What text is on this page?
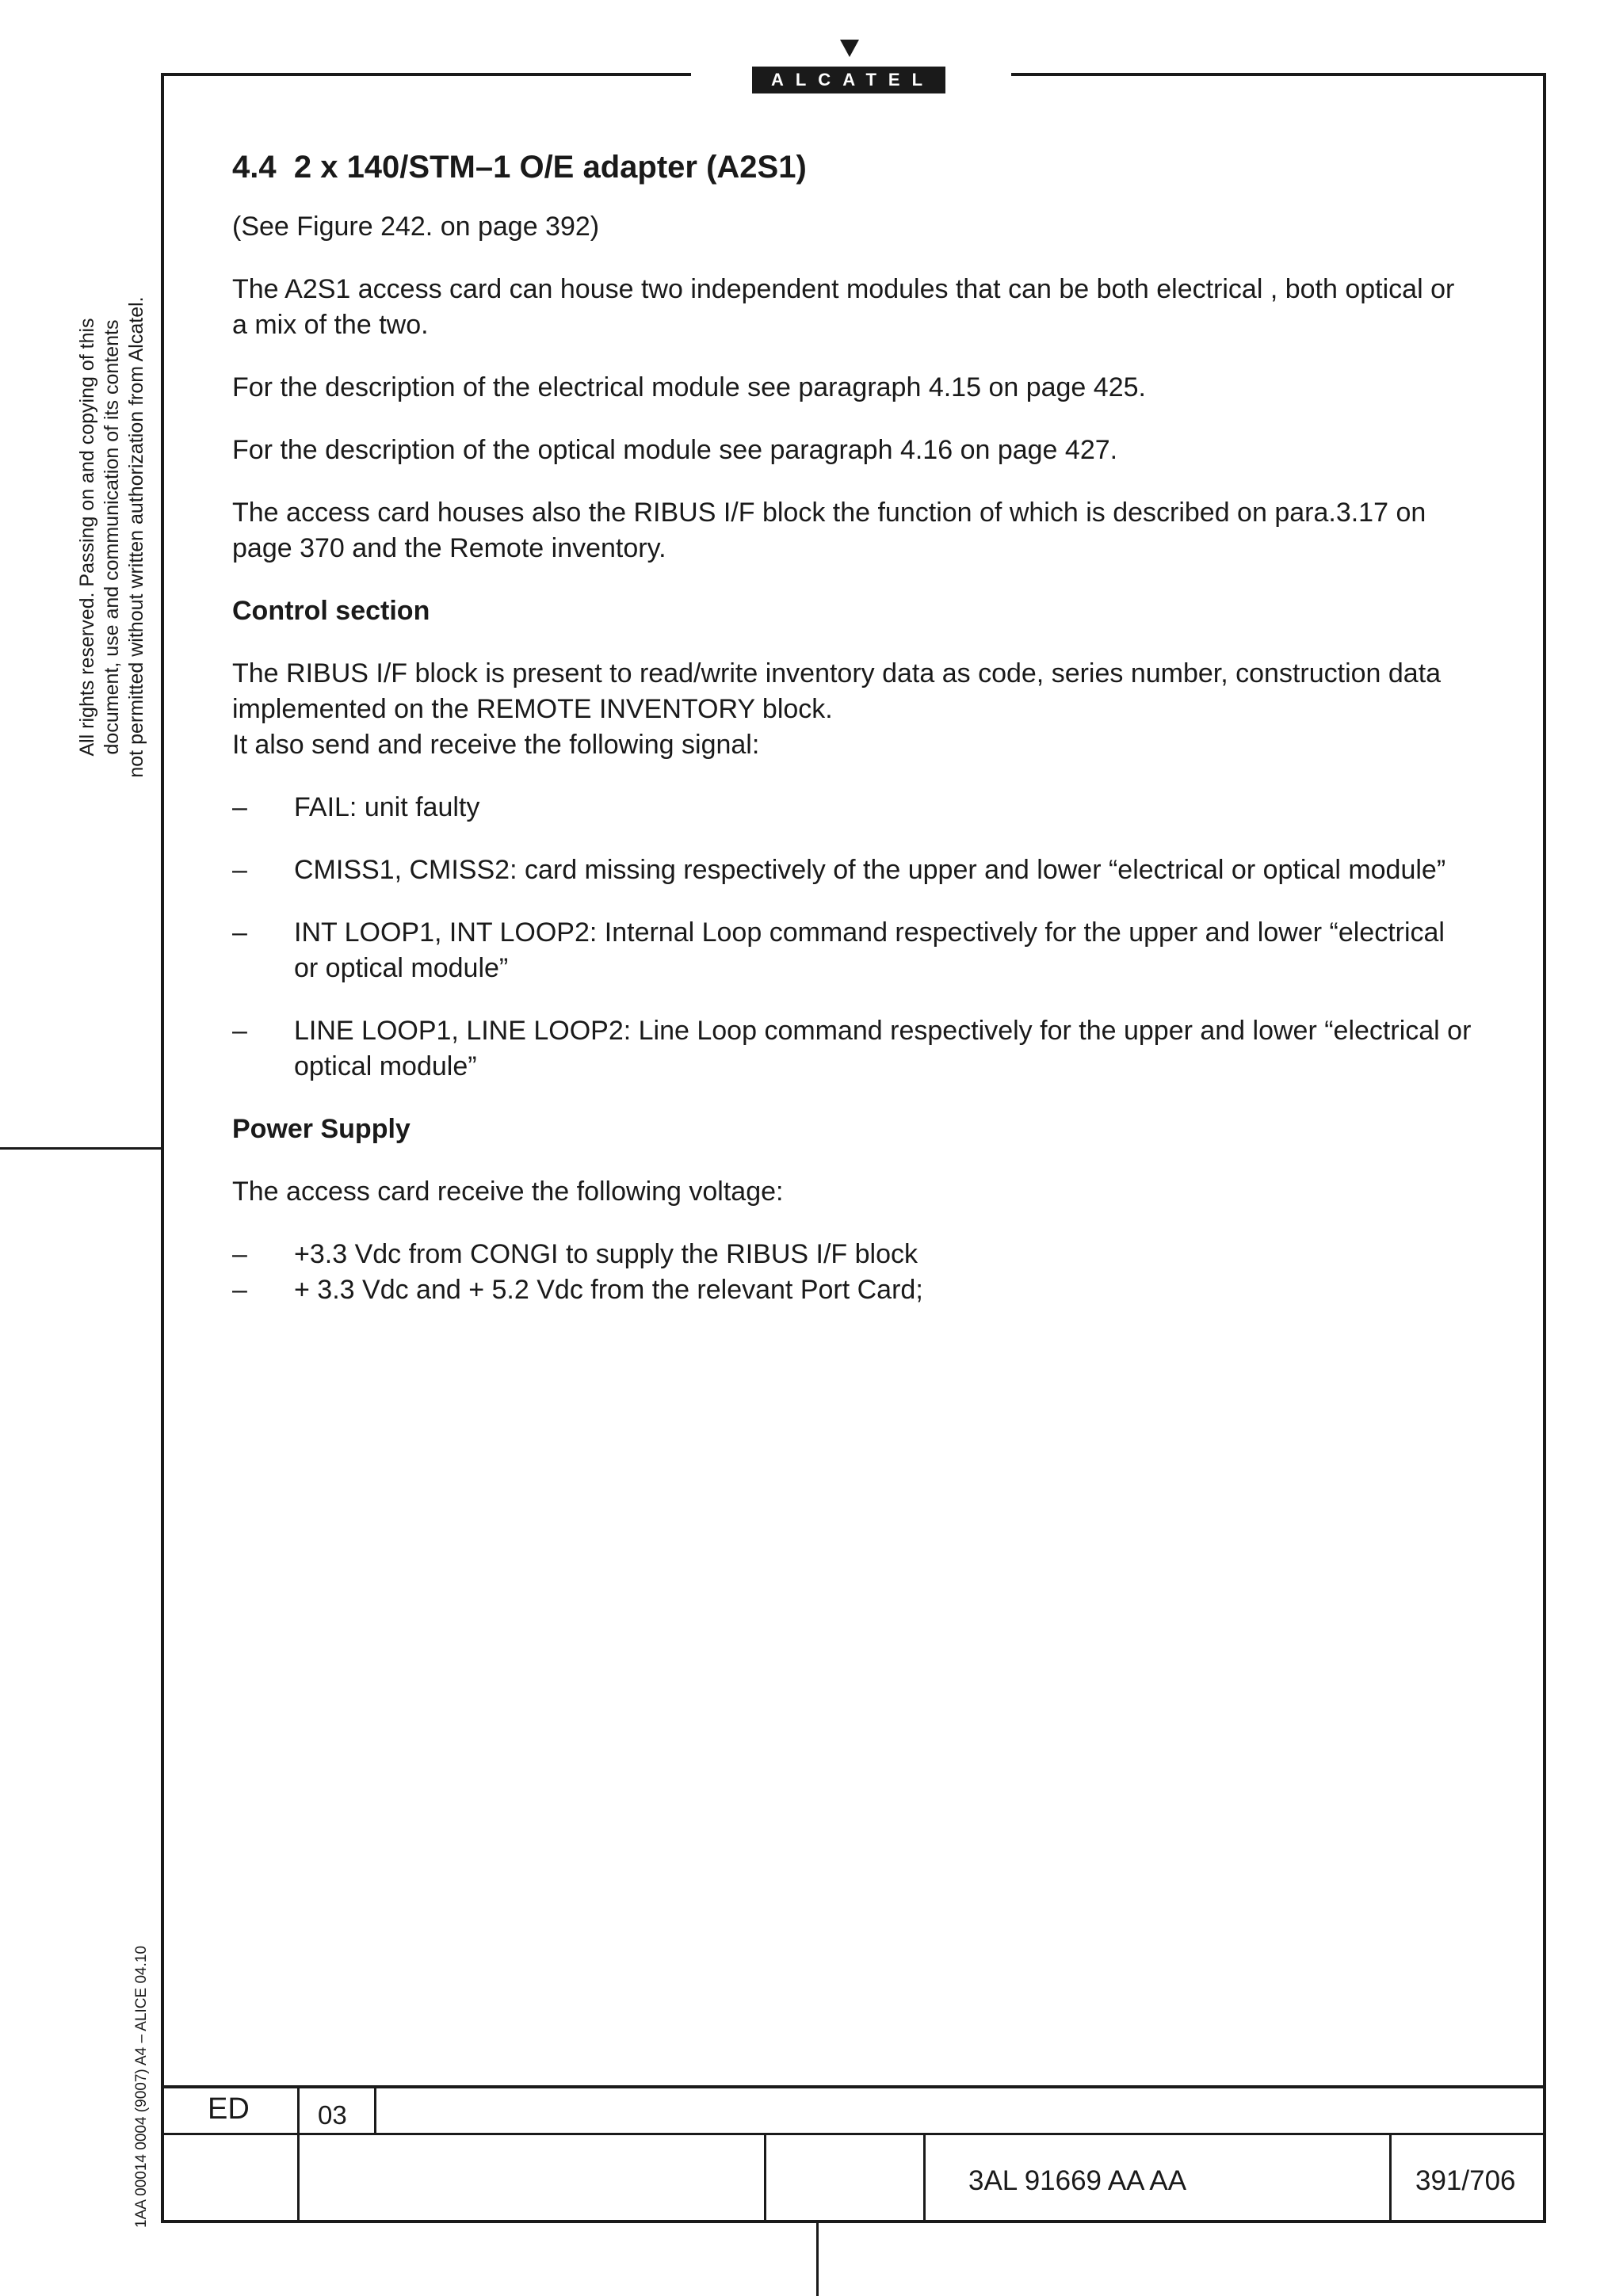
ALCATEL
All rights reserved. Passing on and copying of this document, use and communication of its contents not permitted without written authorization from Alcatel.
1AA 00014 0004 (9007) A4 – ALICE 04.10
4.4 2 x 140/STM–1 O/E adapter (A2S1)

(See Figure 242. on page 392)

The A2S1 access card can house two independent modules that can be both electrical , both optical or a mix of the two.

For the description of the electrical module see paragraph 4.15 on page 425.

For the description of the optical module see paragraph 4.16 on page 427.

The access card houses also the RIBUS I/F block the function of which is described on para.3.17 on page 370 and the Remote inventory.

Control section

The RIBUS I/F block is present to read/write inventory data as code, series number, construction data implemented on the REMOTE INVENTORY block.
It also send and receive the following signal:

–	FAIL: unit faulty
–	CMISS1, CMISS2: card missing respectively of the upper and lower “electrical or optical module”
–	INT LOOP1, INT LOOP2: Internal Loop command respectively for the upper and lower “electrical or optical module”
–	LINE LOOP1, LINE LOOP2: Line Loop command respectively for the upper and lower “electrical or optical module”
Power Supply

The access card receive the following voltage:

–	+3.3 Vdc from CONGI to supply the RIBUS I/F block
–	+ 3.3 Vdc and + 5.2 Vdc from the relevant Port Card;
ED	03
3AL 91669 AA AA	391/706
